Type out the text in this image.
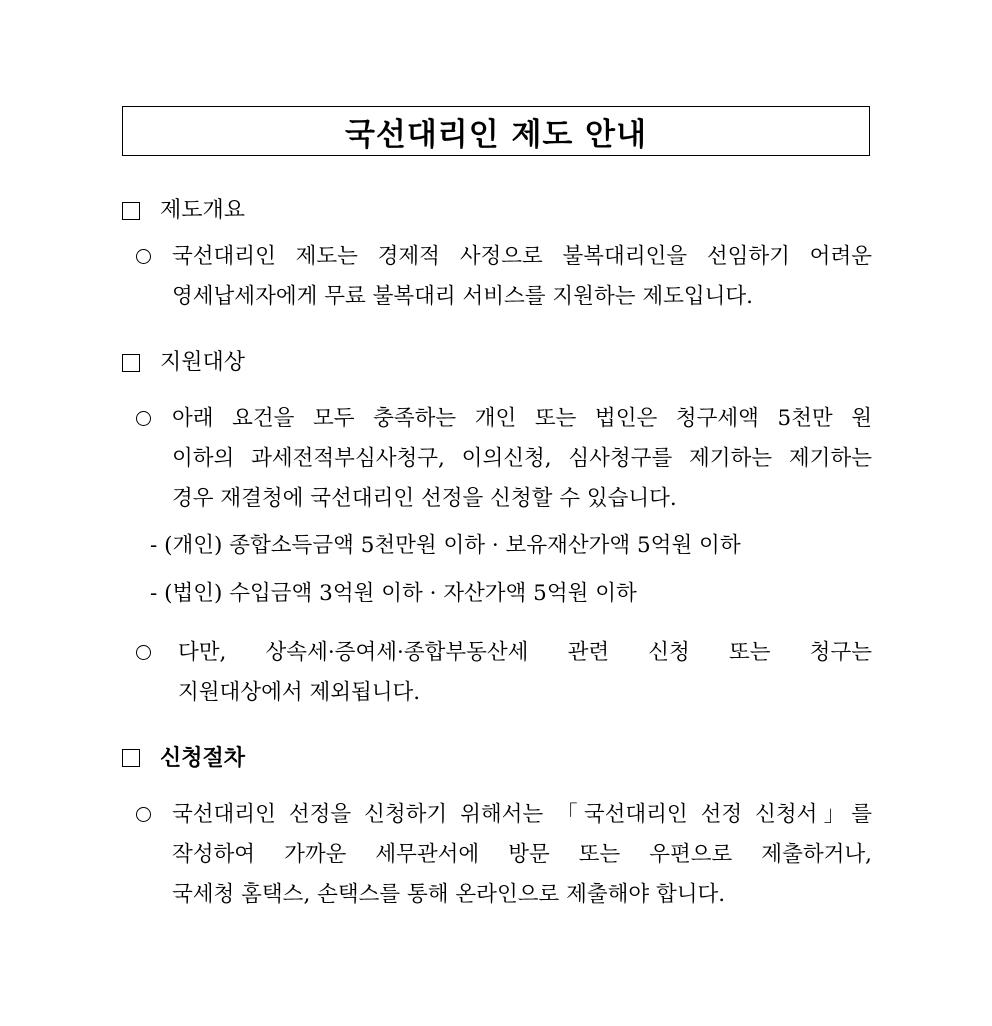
국선대리인 제도 안내
제도개요
국선대리인 제도는 경제적 사정으로 불복대리인을 선임하기 어려운
영세납세자에게 무료 불복대리 서비스를 지원하는 제도입니다.
지원대상
아래 요건을 모두 충족하는 개인 또는 법인은 청구세액 5천만 원
이하의 과세전적부심사청구, 이의신청, 심사청구를 제기하는 제기하는
경우 재결청에 국선대리인 선정을 신청할 수 있습니다.
- (개인) 종합소득금액 5천만원 이하 · 보유재산가액 5억원 이하
- (법인) 수입금액 3억원 이하 · 자산가액 5억원 이하
다만, 상속세·증여세·종합부동산세 관련 신청 또는 청구는
지원대상에서 제외됩니다.
신청절차
국선대리인 선정을 신청하기 위해서는 「국선대리인 선정 신청서」를
작성하여 가까운 세무관서에 방문 또는 우편으로 제출하거나,
국세청 홈택스, 손택스를 통해 온라인으로 제출해야 합니다.
